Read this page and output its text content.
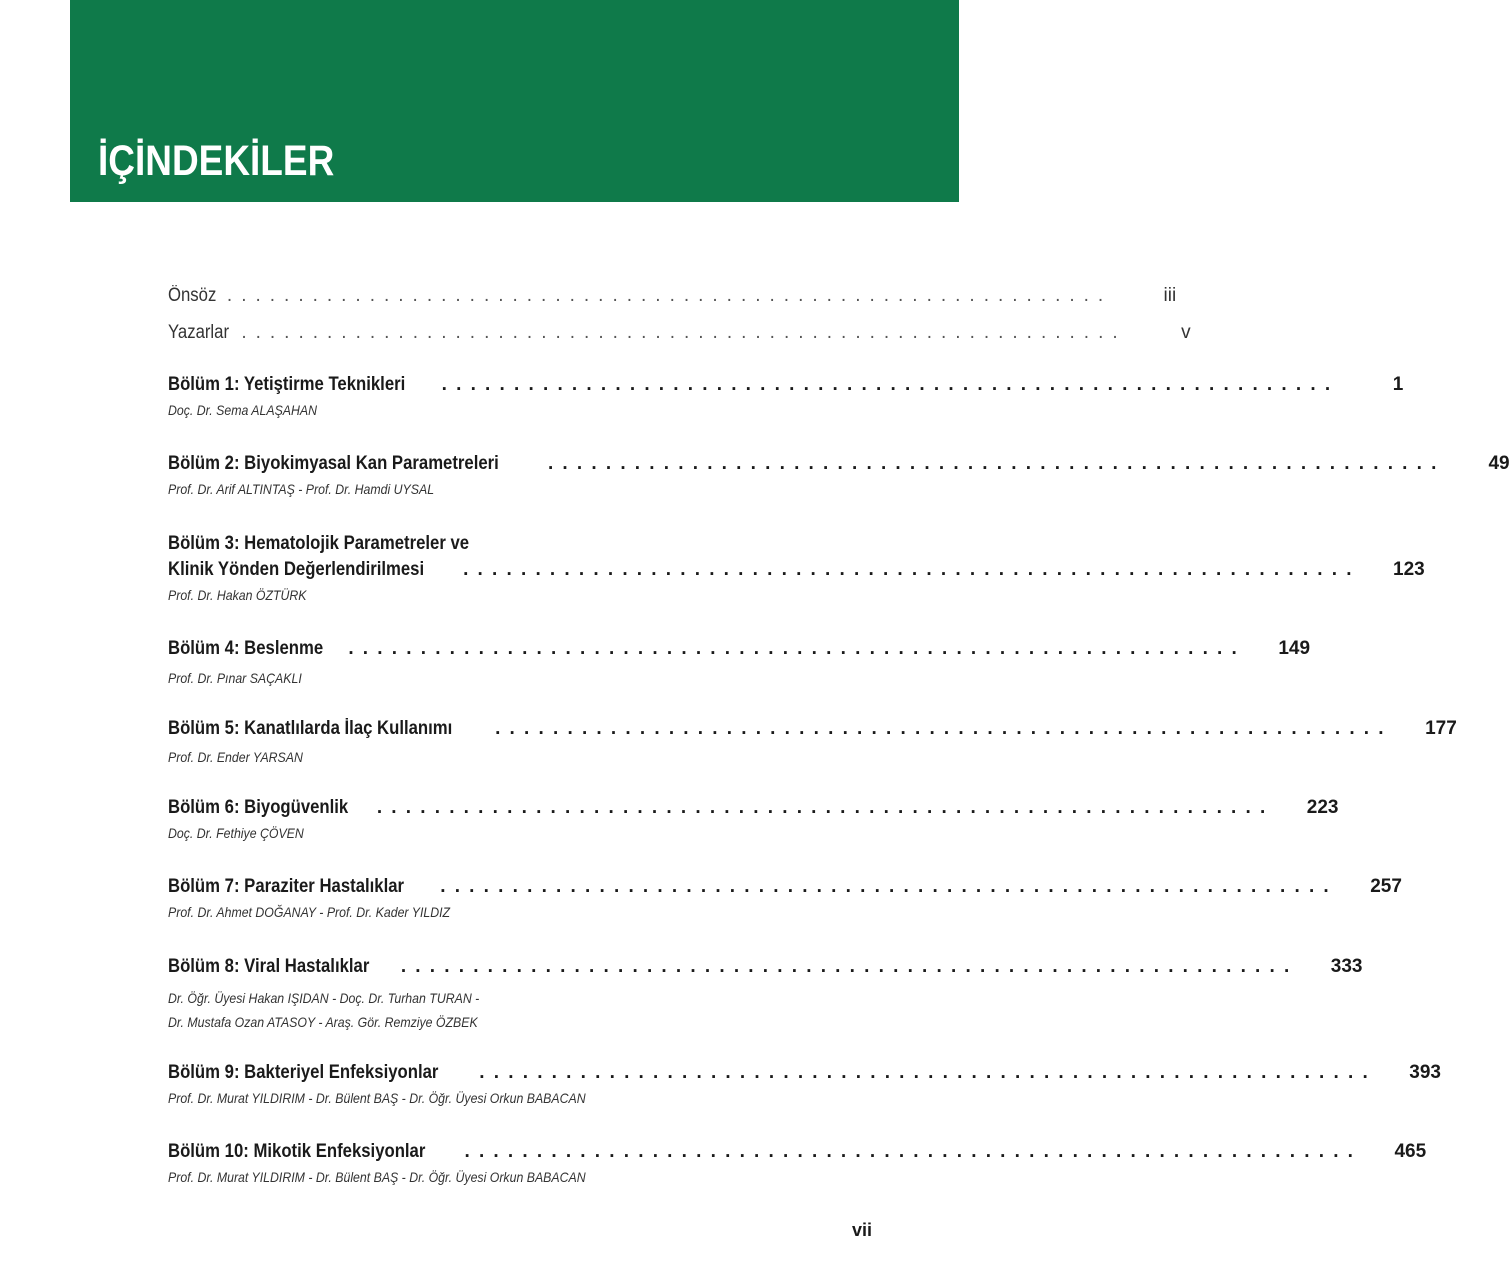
İÇİNDEKİLER
Önsöz ..............................................................	iii
Yazarlar ..............................................................	v
Bölüm 1: Yetiştirme Teknikleri ..............................................................	1
Doç. Dr. Sema ALAŞAHAN
Bölüm 2: Biyokimyasal Kan Parametreleri	..............................................................	49
Prof. Dr. Arif ALTINTAŞ - Prof. Dr. Hamdi UYSAL
Bölüm 3: Hematolojik Parametreler ve
Klinik Yönden Değerlendirilmesi .............................................................. 123
Prof. Dr. Hakan ÖZTÜRK
Bölüm 4: Beslenme .............................................................. 149
Prof. Dr. Pınar SAÇAKLI
Bölüm 5: Kanatlılarda İlaç Kullanımı .............................................................. 177
Prof. Dr. Ender YARSAN
Bölüm 6: Biyogüvenlik .............................................................. 223
Doç. Dr. Fethiye ÇÖVEN
Bölüm 7: Paraziter Hastalıklar .............................................................. 257
Prof. Dr. Ahmet DOĞANAY - Prof. Dr. Kader YILDIZ
Bölüm 8: Viral Hastalıklar .............................................................. 333
Dr. Öğr. Üyesi Hakan IŞIDAN - Doç. Dr. Turhan TURAN -
Dr. Mustafa Ozan ATASOY - Araş. Gör. Remziye ÖZBEK
Bölüm 9: Bakteriyel Enfeksiyonlar .............................................................. 393
Prof. Dr. Murat YILDIRIM - Dr. Bülent BAŞ - Dr. Öğr. Üyesi Orkun BABACAN
Bölüm 10: Mikotik Enfeksiyonlar .............................................................. 465
Prof. Dr. Murat YILDIRIM - Dr. Bülent BAŞ - Dr. Öğr. Üyesi Orkun BABACAN
vii
